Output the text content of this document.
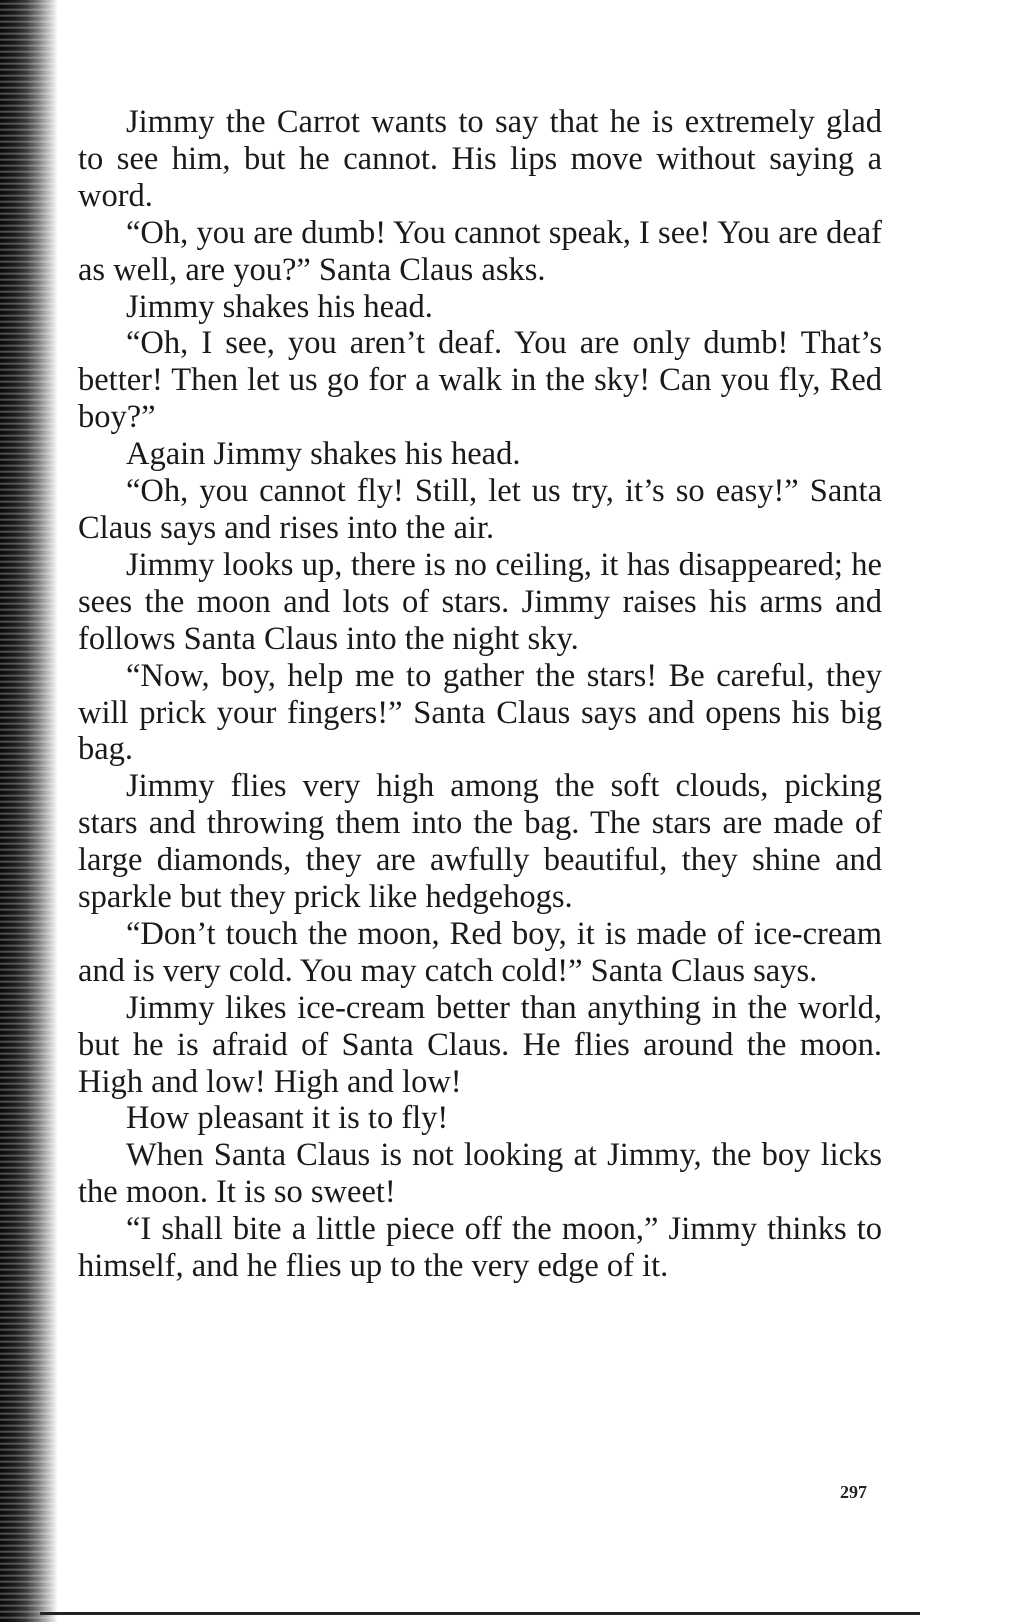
Jimmy the Carrot wants to say that he is extremely glad to see him, but he cannot. His lips move without saying a word.

“Oh, you are dumb! You cannot speak, I see! You are deaf as well, are you?” Santa Claus asks.

Jimmy shakes his head.

“Oh, I see, you aren’t deaf. You are only dumb! That’s better! Then let us go for a walk in the sky! Can you fly, Red boy?”

Again Jimmy shakes his head.

“Oh, you cannot fly! Still, let us try, it’s so easy!” Santa Claus says and rises into the air.

Jimmy looks up, there is no ceiling, it has disappeared; he sees the moon and lots of stars. Jimmy raises his arms and follows Santa Claus into the night sky.

“Now, boy, help me to gather the stars! Be careful, they will prick your fingers!” Santa Claus says and opens his big bag.

Jimmy flies very high among the soft clouds, picking stars and throwing them into the bag. The stars are made of large diamonds, they are awfully beautiful, they shine and sparkle but they prick like hedgehogs.

“Don’t touch the moon, Red boy, it is made of ice-cream and is very cold. You may catch cold!” Santa Claus says.

Jimmy likes ice-cream better than anything in the world, but he is afraid of Santa Claus. He flies around the moon. High and low! High and low!

How pleasant it is to fly!

When Santa Claus is not looking at Jimmy, the boy licks the moon. It is so sweet!

“I shall bite a little piece off the moon,” Jimmy thinks to himself, and he flies up to the very edge of it.

297
